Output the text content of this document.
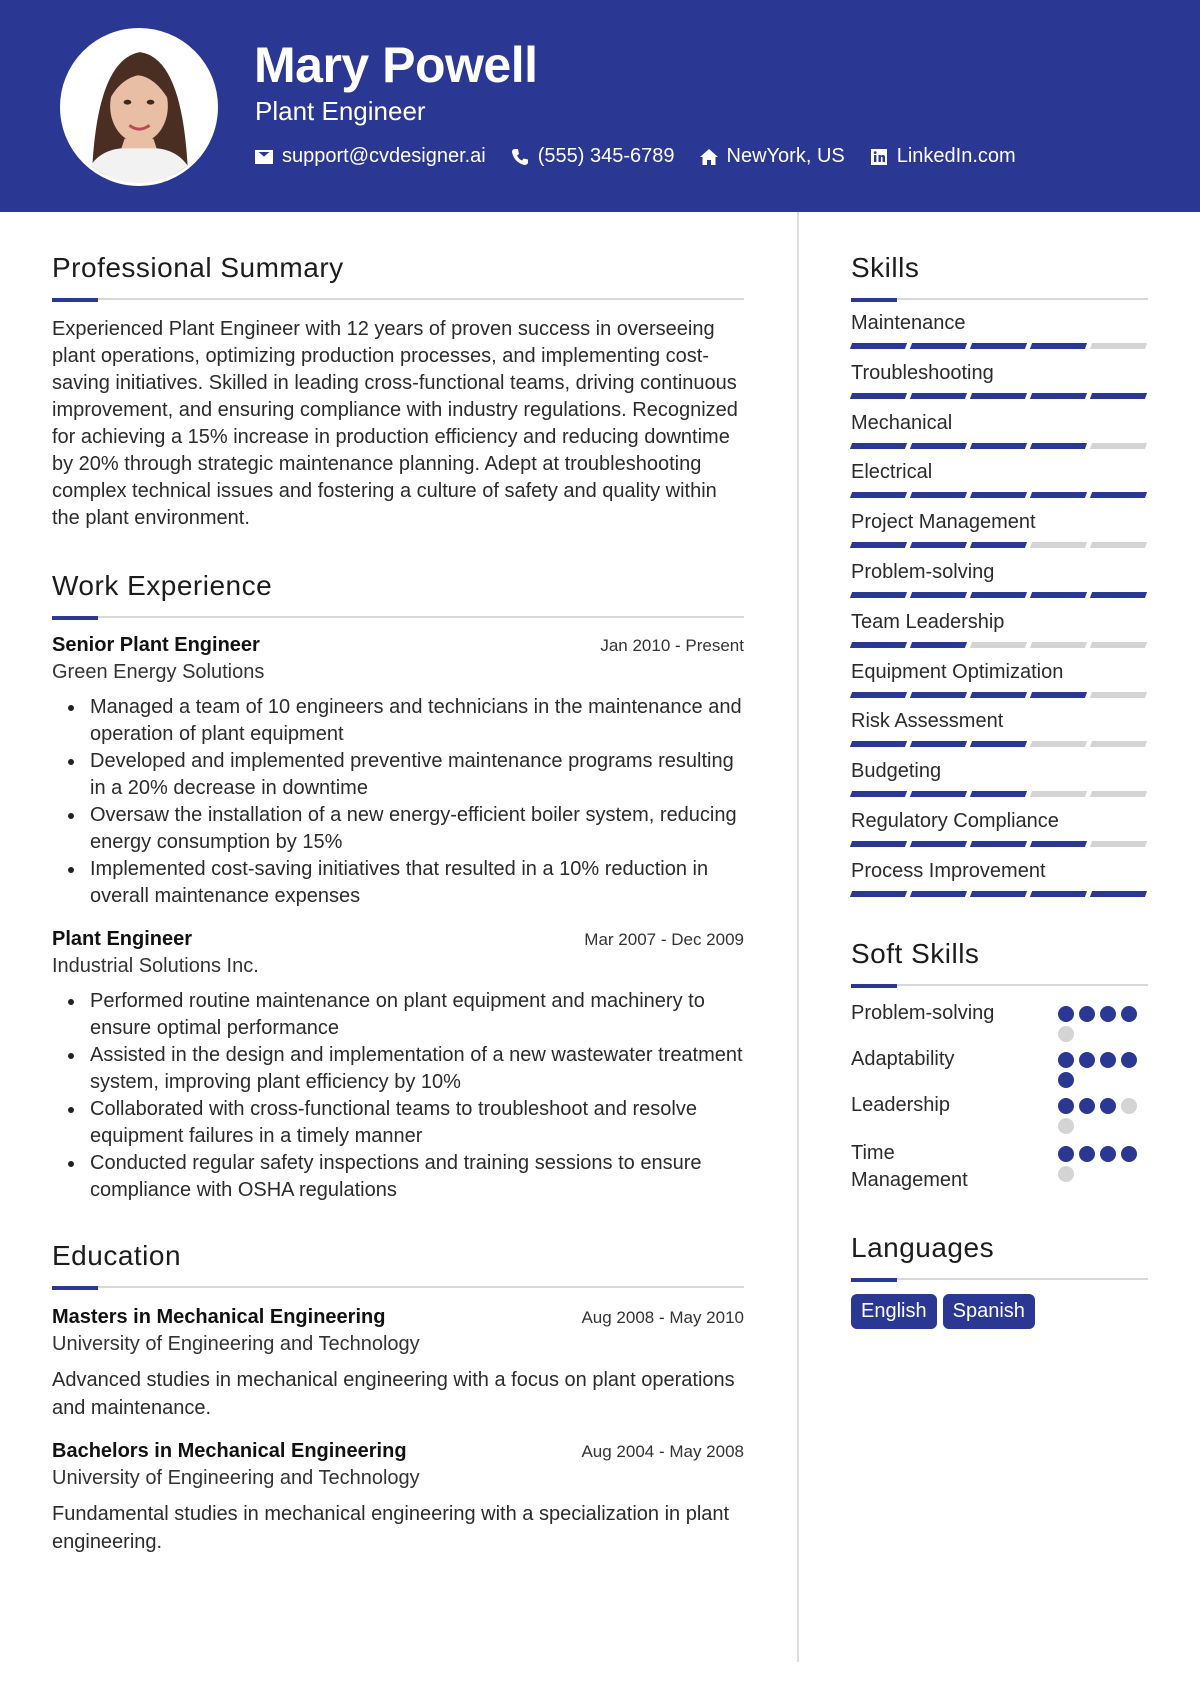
Mary Powell
Plant Engineer
support@cvdesigner.ai	(555) 345-6789	NewYork, US	LinkedIn.com
Professional Summary

Experienced Plant Engineer with 12 years of proven success in overseeing plant operations, optimizing production processes, and implementing cost-saving initiatives. Skilled in leading cross-functional teams, driving continuous improvement, and ensuring compliance with industry regulations. Recognized for achieving a 15% increase in production efficiency and reducing downtime by 20% through strategic maintenance planning. Adept at troubleshooting complex technical issues and fostering a culture of safety and quality within the plant environment.

Work Experience
Senior Plant Engineer	Jan 2010 - Present
Green Energy Solutions
Managed a team of 10 engineers and technicians in the maintenance and operation of plant equipment
Developed and implemented preventive maintenance programs resulting in a 20% decrease in downtime
Oversaw the installation of a new energy-efficient boiler system, reducing energy consumption by 15%
Implemented cost-saving initiatives that resulted in a 10% reduction in overall maintenance expenses
Plant Engineer	Mar 2007 - Dec 2009
Industrial Solutions Inc.
Performed routine maintenance on plant equipment and machinery to ensure optimal performance
Assisted in the design and implementation of a new wastewater treatment system, improving plant efficiency by 10%
Collaborated with cross-functional teams to troubleshoot and resolve equipment failures in a timely manner
Conducted regular safety inspections and training sessions to ensure compliance with OSHA regulations
Education
Masters in Mechanical Engineering	Aug 2008 - May 2010
University of Engineering and Technology

Advanced studies in mechanical engineering with a focus on plant operations and maintenance.

Bachelors in Mechanical Engineering	Aug 2004 - May 2008
University of Engineering and Technology

Fundamental studies in mechanical engineering with a specialization in plant engineering.

Skills
Maintenance
Troubleshooting
Mechanical
Electrical
Project Management
Problem-solving
Team Leadership
Equipment Optimization
Risk Assessment
Budgeting
Regulatory Compliance
Process Improvement
Soft Skills
Problem-solving
Adaptability
Leadership
Time Management
Languages
English	Spanish
